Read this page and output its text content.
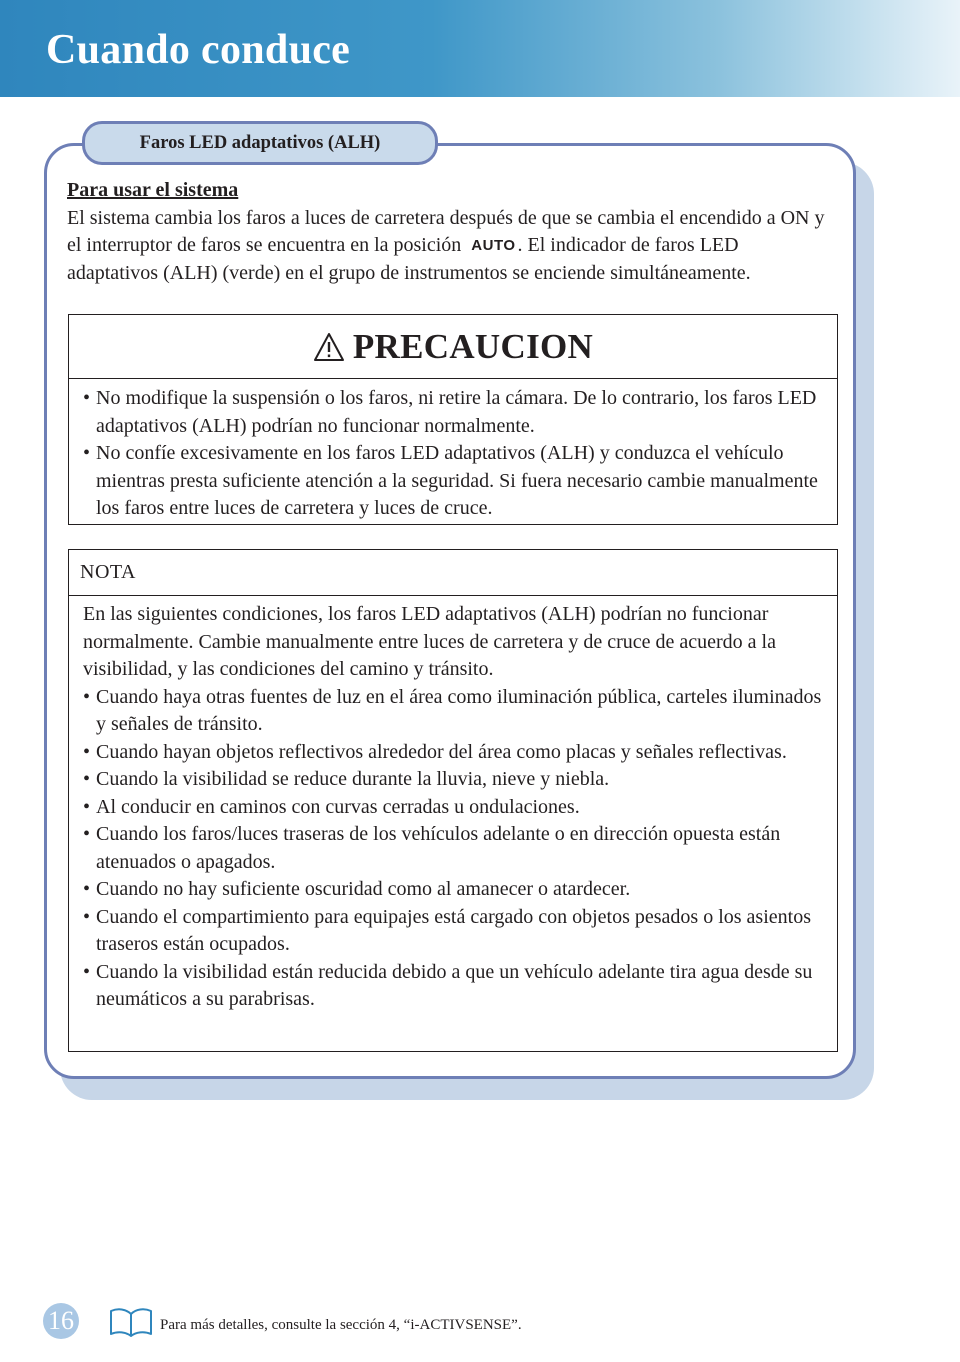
Cuando conduce
Faros LED adaptativos (ALH)
Para usar el sistema
El sistema cambia los faros a luces de carretera después de que se cambia el encendido a ON y el interruptor de faros se encuentra en la posición AUTO . El indicador de faros LED adaptativos (ALH) (verde) en el grupo de instrumentos se enciende simultáneamente.
PRECAUCION
• No modifique la suspensión o los faros, ni retire la cámara. De lo contrario, los faros LED adaptativos (ALH) podrían no funcionar normalmente.
• No confíe excesivamente en los faros LED adaptativos (ALH) y conduzca el vehículo mientras presta suficiente atención a la seguridad. Si fuera necesario cambie manualmente los faros entre luces de carretera y luces de cruce.
NOTA
En las siguientes condiciones, los faros LED adaptativos (ALH) podrían no funcionar normalmente. Cambie manualmente entre luces de carretera y de cruce de acuerdo a la visibilidad, y las condiciones del camino y tránsito.
• Cuando haya otras fuentes de luz en el área como iluminación pública, carteles iluminados y señales de tránsito.
• Cuando hayan objetos reflectivos alrededor del área como placas y señales reflectivas.
• Cuando la visibilidad se reduce durante la lluvia, nieve y niebla.
• Al conducir en caminos con curvas cerradas u ondulaciones.
• Cuando los faros/luces traseras de los vehículos adelante o en dirección opuesta están atenuados o apagados.
• Cuando no hay suficiente oscuridad como al amanecer o atardecer.
• Cuando el compartimiento para equipajes está cargado con objetos pesados o los asientos traseros están ocupados.
• Cuando la visibilidad están reducida debido a que un vehículo adelante tira agua desde su neumáticos a su parabrisas.
16	Para más detalles, consulte la sección 4, “i-ACTIVSENSE”.
